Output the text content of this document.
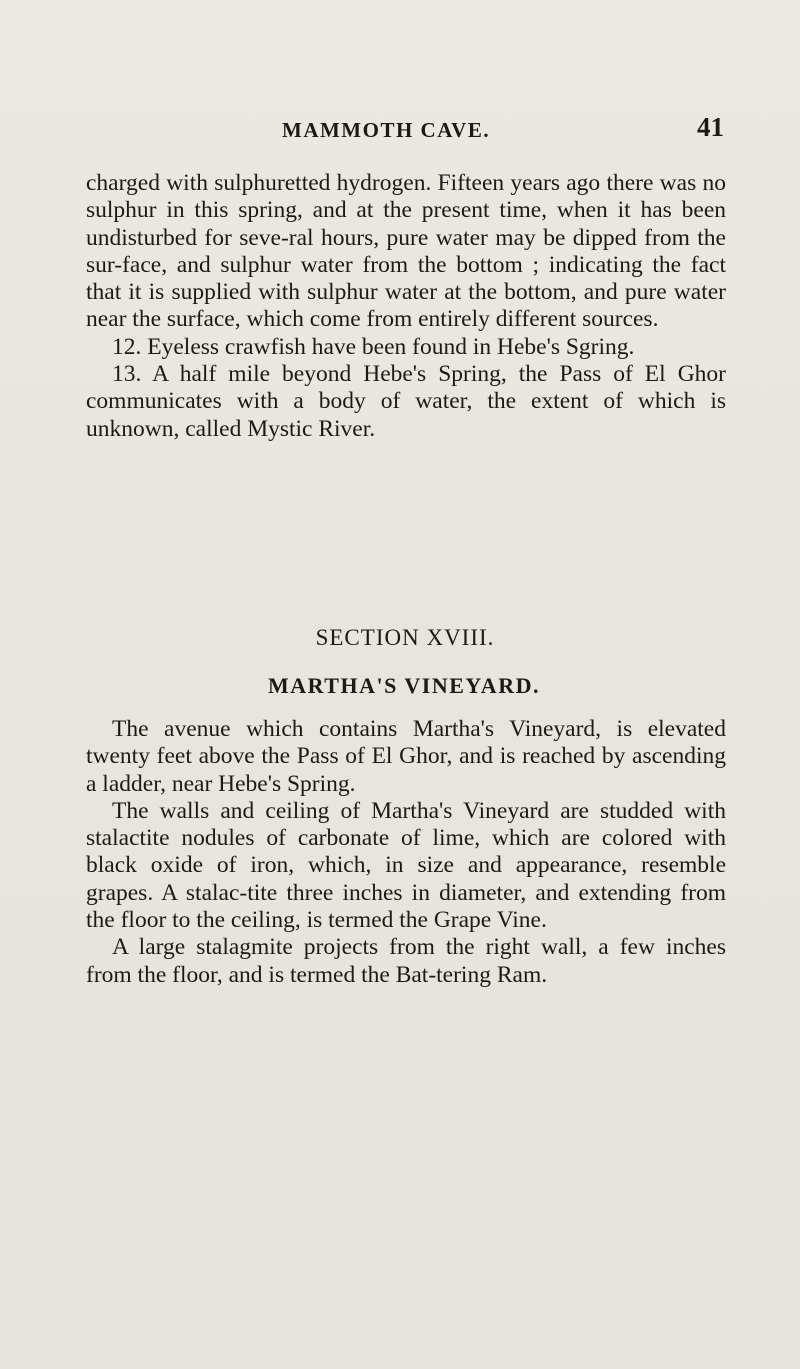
MAMMOTH CAVE.	41

charged with sulphuretted hydrogen. Fifteen years ago there was no sulphur in this spring, and at the present time, when it has been undisturbed for seve-ral hours, pure water may be dipped from the sur-face, and sulphur water from the bottom ; indicating the fact that it is supplied with sulphur water at the bottom, and pure water near the surface, which come from entirely different sources.

12. Eyeless crawfish have been found in Hebe's Sgring.

13. A half mile beyond Hebe's Spring, the Pass of El Ghor communicates with a body of water, the extent of which is unknown, called Mystic River.

SECTION XVIII.
MARTHA'S VINEYARD.

The avenue which contains Martha's Vineyard, is elevated twenty feet above the Pass of El Ghor, and is reached by ascending a ladder, near Hebe's Spring.

The walls and ceiling of Martha's Vineyard are studded with stalactite nodules of carbonate of lime, which are colored with black oxide of iron, which, in size and appearance, resemble grapes. A stalac-tite three inches in diameter, and extending from the floor to the ceiling, is termed the Grape Vine.

A large stalagmite projects from the right wall, a few inches from the floor, and is termed the Bat-tering Ram.
